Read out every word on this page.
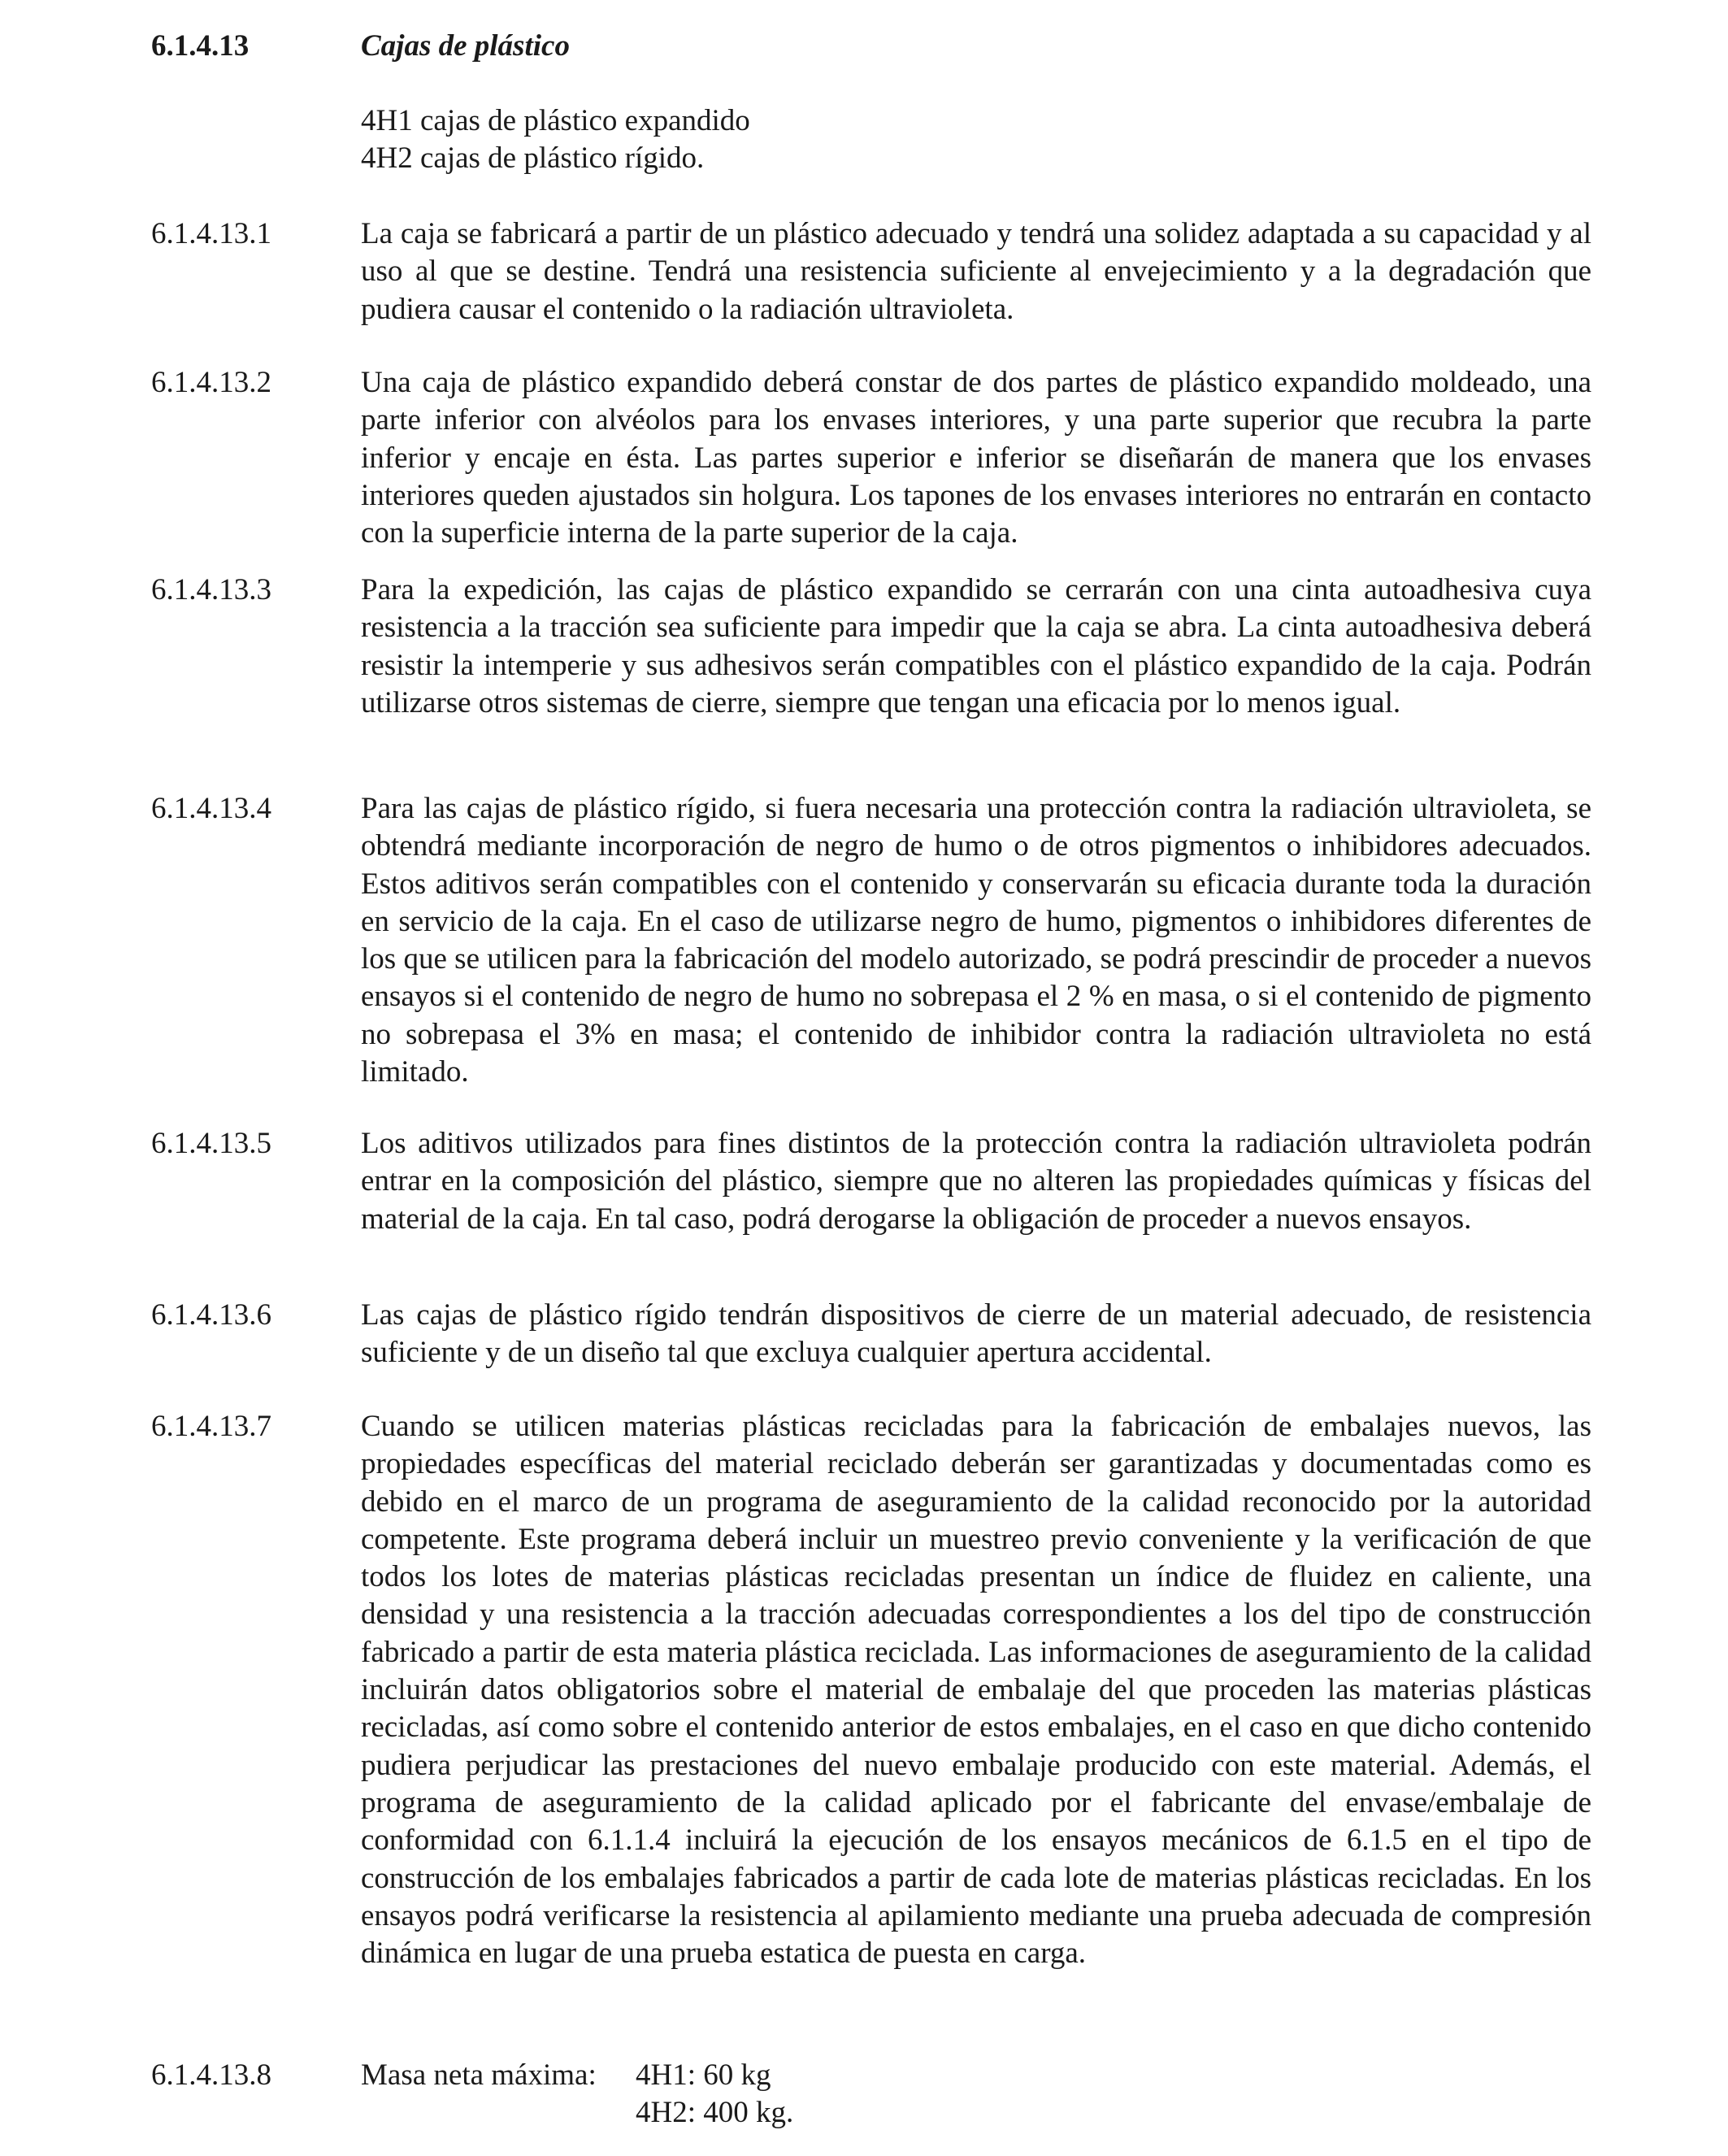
6.1.4.13	Cajas de plástico
4H1 cajas de plástico expandido
4H2 cajas de plástico rígido.
6.1.4.13.1	La caja se fabricará a partir de un plástico adecuado y tendrá una solidez adaptada a su capacidad y al uso al que se destine. Tendrá una resistencia suficiente al envejecimiento y a la degradación que pudiera causar el contenido o la radiación ultravioleta.
6.1.4.13.2	Una caja de plástico expandido deberá constar de dos partes de plástico expandido moldeado, una parte inferior con alvéolos para los envases interiores, y una parte superior que recubra la parte inferior y encaje en ésta. Las partes superior e inferior se diseñarán de manera que los envases interiores queden ajustados sin holgura. Los tapones de los envases interiores no entrarán en contacto con la superficie interna de la parte superior de la caja.
6.1.4.13.3	Para la expedición, las cajas de plástico expandido se cerrarán con una cinta autoadhesiva cuya resistencia a la tracción sea suficiente para impedir que la caja se abra. La cinta autoadhesiva deberá resistir la intemperie y sus adhesivos serán compatibles con el plástico expandido de la caja. Podrán utilizarse otros sistemas de cierre, siempre que tengan una eficacia por lo menos igual.
6.1.4.13.4	Para las cajas de plástico rígido, si fuera necesaria una protección contra la radiación ultravioleta, se obtendrá mediante incorporación de negro de humo o de otros pigmentos o inhibidores adecuados. Estos aditivos serán compatibles con el contenido y conservarán su eficacia durante toda la duración en servicio de la caja. En el caso de utilizarse negro de humo, pigmentos o inhibidores diferentes de los que se utilicen para la fabricación del modelo autorizado, se podrá prescindir de proceder a nuevos ensayos si el contenido de negro de humo no sobrepasa el 2 % en masa, o si el contenido de pigmento no sobrepasa el 3% en masa; el contenido de inhibidor contra la radiación ultravioleta no está limitado.
6.1.4.13.5	Los aditivos utilizados para fines distintos de la protección contra la radiación ultravioleta podrán entrar en la composición del plástico, siempre que no alteren las propiedades químicas y físicas del material de la caja. En tal caso, podrá derogarse la obligación de proceder a nuevos ensayos.
6.1.4.13.6	Las cajas de plástico rígido tendrán dispositivos de cierre de un material adecuado, de resistencia suficiente y de un diseño tal que excluya cualquier apertura accidental.
6.1.4.13.7	Cuando se utilicen materias plásticas recicladas para la fabricación de embalajes nuevos, las propiedades específicas del material reciclado deberán ser garantizadas y documentadas como es debido en el marco de un programa de aseguramiento de la calidad reconocido por la autoridad competente. Este programa deberá incluir un muestreo previo conveniente y la verificación de que todos los lotes de materias plásticas recicladas presentan un índice de fluidez en caliente, una densidad y una resistencia a la tracción adecuadas correspondientes a los del tipo de construcción fabricado a partir de esta materia plástica reciclada. Las informaciones de aseguramiento de la calidad incluirán datos obligatorios sobre el material de embalaje del que proceden las materias plásticas recicladas, así como sobre el contenido anterior de estos embalajes, en el caso en que dicho contenido pudiera perjudicar las prestaciones del nuevo embalaje producido con este material. Además, el programa de aseguramiento de la calidad aplicado por el fabricante del envase/embalaje de conformidad con 6.1.1.4 incluirá la ejecución de los ensayos mecánicos de 6.1.5 en el tipo de construcción de los embalajes fabricados a partir de cada lote de materias plásticas recicladas. En los ensayos podrá verificarse la resistencia al apilamiento mediante una prueba adecuada de compresión dinámica en lugar de una prueba estatica de puesta en carga.
6.1.4.13.8	Masa neta máxima: 4H1: 60 kg
4H2: 400 kg.
